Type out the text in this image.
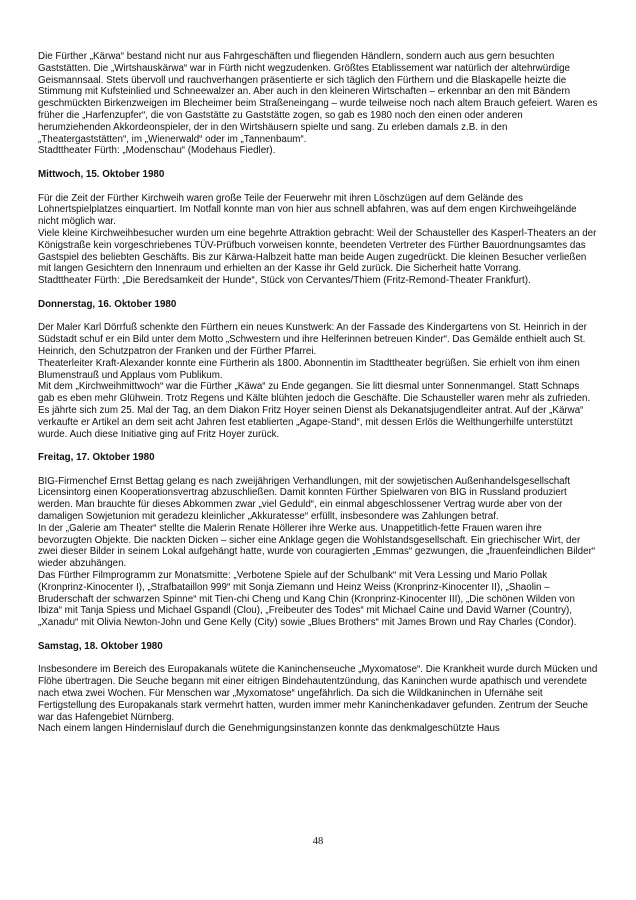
Die Fürther „Kärwa“ bestand nicht nur aus Fahrgeschäften und fliegenden Händlern, sondern auch aus gern besuchten Gaststätten. Die „Wirtshauskärwa“ war in Fürth nicht wegzudenken. Größtes Etablissement war natürlich der altehrwürdige Geismannsaal. Stets übervoll und rauchverhangen präsentierte er sich täglich den Fürthern und die Blaskapelle heizte die Stimmung mit Kufsteinlied und Schneewalzer an. Aber auch in den kleineren Wirtschaften – erkennbar an den mit Bändern geschmückten Birkenzweigen im Blecheimer beim Straßeneingang – wurde teilweise noch nach altem Brauch gefeiert. Waren es früher die „Harfenzupfer“, die von Gaststätte zu Gaststätte zogen, so gab es 1980 noch den einen oder anderen herumziehenden Akkordeonspieler, der in den Wirtshäusern spielte und sang. Zu erleben damals z.B. in den „Theatergaststätten“, im „Wienerwald“ oder im „Tannenbaum“.
Stadttheater Fürth: „Modenschau“ (Modehaus Fiedler).

Mittwoch, 15. Oktober 1980

Für die Zeit der Fürther Kirchweih waren große Teile der Feuerwehr mit ihren Löschzügen auf dem Gelände des Lohnertspielplatzes einquartiert. Im Notfall konnte man von hier aus schnell abfahren, was auf dem engen Kirchweihgelände nicht möglich war.
Viele kleine Kirchweihbesucher wurden um eine begehrte Attraktion gebracht: Weil der Schausteller des Kasperl-Theaters an der Königstraße kein vorgeschriebenes TÜV-Prüfbuch vorweisen konnte, beendeten Vertreter des Fürther Bauordnungsamtes das Gastspiel des beliebten Geschäfts. Bis zur Kärwa-Halbzeit hatte man beide Augen zugedrückt. Die kleinen Besucher verließen mit langen Gesichtern den Innenraum und erhielten an der Kasse ihr Geld zurück. Die Sicherheit hatte Vorrang.
Stadttheater Fürth: „Die Beredsamkeit der Hunde“, Stück von Cervantes/Thiem (Fritz-Remond-Theater Frankfurt).

Donnerstag, 16. Oktober 1980

Der Maler Karl Dörrfuß schenkte den Fürthern ein neues Kunstwerk: An der Fassade des Kindergartens von St. Heinrich in der Südstadt schuf er ein Bild unter dem Motto „Schwestern und ihre Helferinnen betreuen Kinder“. Das Gemälde enthielt auch St. Heinrich, den Schutzpatron der Franken und der Fürther Pfarrei.
Theaterleiter Kraft-Alexander konnte eine Fürtherin als 1800. Abonnentin im Stadttheater begrüßen. Sie erhielt von ihm einen Blumenstrauß und Applaus vom Publikum.
Mit dem „Kirchweihmittwoch“ war die Fürther „Käwa“ zu Ende gegangen. Sie litt diesmal unter Sonnenmangel. Statt Schnaps gab es eben mehr Glühwein. Trotz Regens und Kälte blühten jedoch die Geschäfte. Die Schausteller waren mehr als zufrieden.
Es jährte sich zum 25. Mal der Tag, an dem Diakon Fritz Hoyer seinen Dienst als Dekanatsjugendleiter antrat. Auf der „Kärwa“ verkaufte er Artikel an dem seit acht Jahren fest etablierten „Agape-Stand“, mit dessen Erlös die Welthungerhilfe unterstützt wurde. Auch diese Initiative ging auf Fritz Hoyer zurück.

Freitag, 17. Oktober 1980

BIG-Firmenchef Ernst Bettag gelang es nach zweijährigen Verhandlungen, mit der sowjetischen Außenhandelsgesellschaft Licensintorg einen Kooperationsvertrag abzuschließen. Damit konnten Fürther Spielwaren von BIG in Russland produziert werden. Man brauchte für dieses Abkommen zwar „viel Geduld“, ein einmal abgeschlossener Vertrag wurde aber von der damaligen Sowjetunion mit geradezu kleinlicher „Akkuratesse“ erfüllt, insbesondere was Zahlungen betraf.
In der „Galerie am Theater“ stellte die Malerin Renate Höllerer ihre Werke aus. Unappetitlich-fette Frauen waren ihre bevorzugten Objekte. Die nackten Dicken – sicher eine Anklage gegen die Wohlstandsgesellschaft. Ein griechischer Wirt, der zwei dieser Bilder in seinem Lokal aufgehängt hatte, wurde von couragierten „Emmas“ gezwungen, die „frauenfeindlichen Bilder“ wieder abzuhängen.
Das Fürther Filmprogramm zur Monatsmitte: „Verbotene Spiele auf der Schulbank“ mit Vera Lessing und Mario Pollak (Kronprinz-Kinocenter I), „Strafbataillon 999“ mit Sonja Ziemann und Heinz Weiss (Kronprinz-Kinocenter II), „Shaolin – Bruderschaft der schwarzen Spinne“ mit Tien-chi Cheng und Kang Chin (Kronprinz-Kinocenter III), „Die schönen Wilden von Ibiza“ mit Tanja Spiess und Michael Gspandl (Clou), „Freibeuter des Todes“ mit Michael Caine und David Warner (Country), „Xanadu“ mit Olivia Newton-John und Gene Kelly (City) sowie „Blues Brothers“ mit James Brown und Ray Charles (Condor).

Samstag, 18. Oktober 1980

Insbesondere im Bereich des Europakanals wütete die Kaninchenseuche „Myxomatose“. Die Krankheit wurde durch Mücken und Flöhe übertragen. Die Seuche begann mit einer eitrigen Bindehautentzündung, das Kaninchen wurde apathisch und verendete nach etwa zwei Wochen. Für Menschen war „Myxomatose“ ungefährlich. Da sich die Wildkaninchen in Ufernähe seit Fertigstellung des Europakanals stark vermehrt hatten, wurden immer mehr Kaninchenkadaver gefunden. Zentrum der Seuche war das Hafengebiet Nürnberg.
Nach einem langen Hindernislauf durch die Genehmigungsinstanzen konnte das denkmalgeschützte Haus

48
